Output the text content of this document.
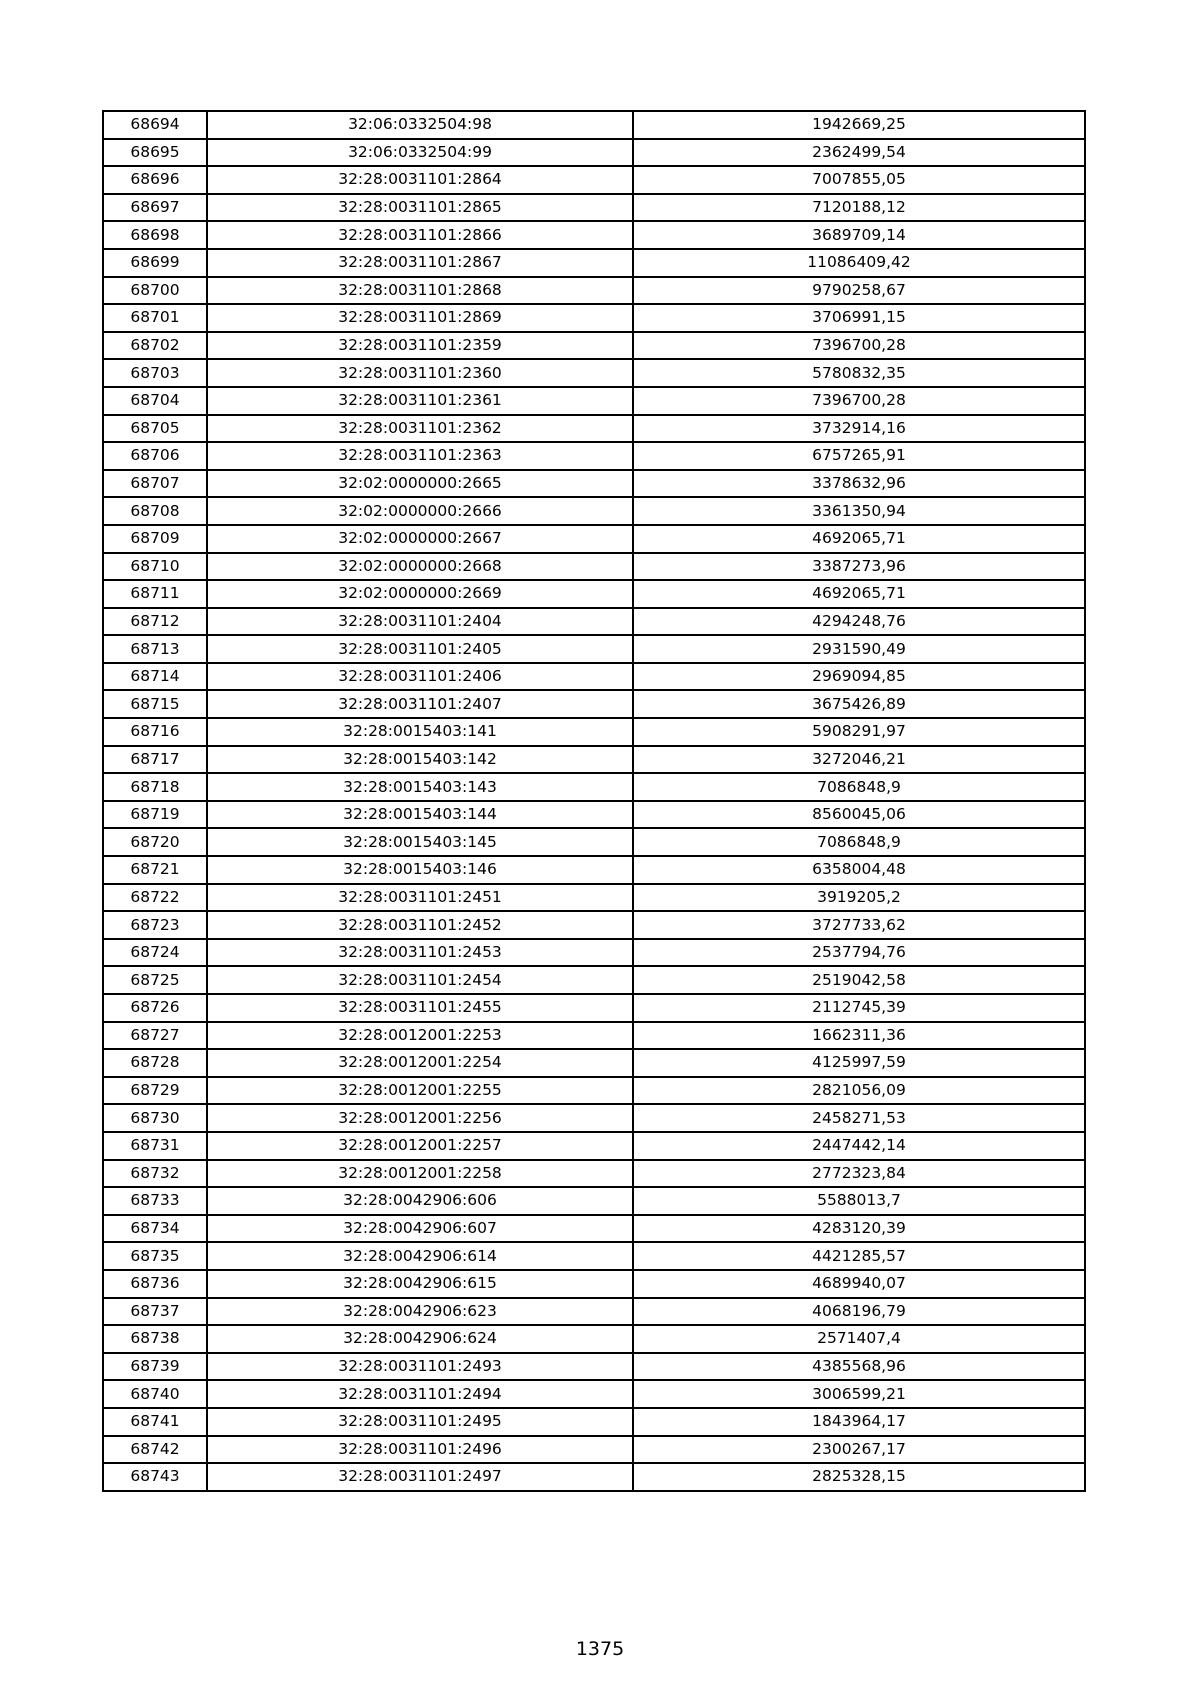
68694	32:06:0332504:98	1942669,25
68695	32:06:0332504:99	2362499,54
68696	32:28:0031101:2864	7007855,05
68697	32:28:0031101:2865	7120188,12
68698	32:28:0031101:2866	3689709,14
68699	32:28:0031101:2867	11086409,42
68700	32:28:0031101:2868	9790258,67
68701	32:28:0031101:2869	3706991,15
68702	32:28:0031101:2359	7396700,28
68703	32:28:0031101:2360	5780832,35
68704	32:28:0031101:2361	7396700,28
68705	32:28:0031101:2362	3732914,16
68706	32:28:0031101:2363	6757265,91
68707	32:02:0000000:2665	3378632,96
68708	32:02:0000000:2666	3361350,94
68709	32:02:0000000:2667	4692065,71
68710	32:02:0000000:2668	3387273,96
68711	32:02:0000000:2669	4692065,71
68712	32:28:0031101:2404	4294248,76
68713	32:28:0031101:2405	2931590,49
68714	32:28:0031101:2406	2969094,85
68715	32:28:0031101:2407	3675426,89
68716	32:28:0015403:141	5908291,97
68717	32:28:0015403:142	3272046,21
68718	32:28:0015403:143	7086848,9
68719	32:28:0015403:144	8560045,06
68720	32:28:0015403:145	7086848,9
68721	32:28:0015403:146	6358004,48
68722	32:28:0031101:2451	3919205,2
68723	32:28:0031101:2452	3727733,62
68724	32:28:0031101:2453	2537794,76
68725	32:28:0031101:2454	2519042,58
68726	32:28:0031101:2455	2112745,39
68727	32:28:0012001:2253	1662311,36
68728	32:28:0012001:2254	4125997,59
68729	32:28:0012001:2255	2821056,09
68730	32:28:0012001:2256	2458271,53
68731	32:28:0012001:2257	2447442,14
68732	32:28:0012001:2258	2772323,84
68733	32:28:0042906:606	5588013,7
68734	32:28:0042906:607	4283120,39
68735	32:28:0042906:614	4421285,57
68736	32:28:0042906:615	4689940,07
68737	32:28:0042906:623	4068196,79
68738	32:28:0042906:624	2571407,4
68739	32:28:0031101:2493	4385568,96
68740	32:28:0031101:2494	3006599,21
68741	32:28:0031101:2495	1843964,17
68742	32:28:0031101:2496	2300267,17
68743	32:28:0031101:2497	2825328,15
1375
